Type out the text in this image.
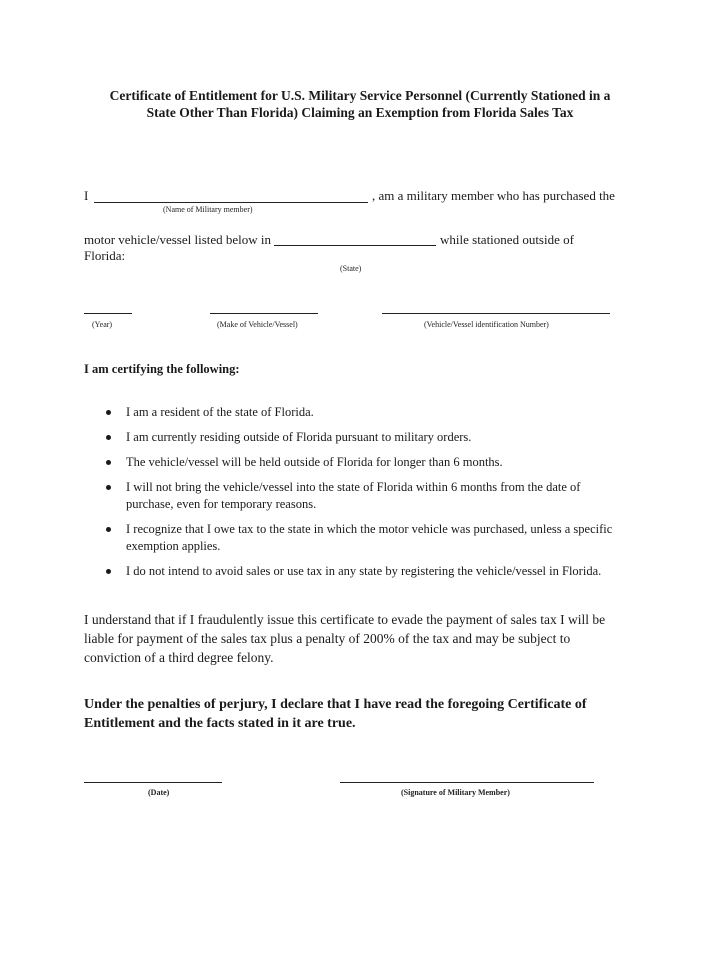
Certificate of Entitlement for U.S. Military Service Personnel (Currently Stationed in a
State Other Than Florida) Claiming an Exemption from Florida Sales Tax
I	, am a military member who has purchased the
(Name of Military member)
motor vehicle/vessel listed below in	while stationed outside of
Florida:
(State)
(Year)	(Make of Vehicle/Vessel)	(Vehicle/Vessel identification Number)
I am certifying the following:
I am a resident of the state of Florida.
I am currently residing outside of Florida pursuant to military orders.
The vehicle/vessel will be held outside of Florida for longer than 6 months.
I will not bring the vehicle/vessel into the state of Florida within 6 months from the date of purchase, even for temporary reasons.
I recognize that I owe tax to the state in which the motor vehicle was purchased, unless a specific exemption applies.
I do not intend to avoid sales or use tax in any state by registering the vehicle/vessel in Florida.
I understand that if I fraudulently issue this certificate to evade the payment of sales tax I will be liable for payment of the sales tax plus a penalty of 200% of the tax and may be subject to conviction of a third degree felony.
Under the penalties of perjury, I declare that I have read the foregoing Certificate of Entitlement and the facts stated in it are true.
(Date)	(Signature of Military Member)
